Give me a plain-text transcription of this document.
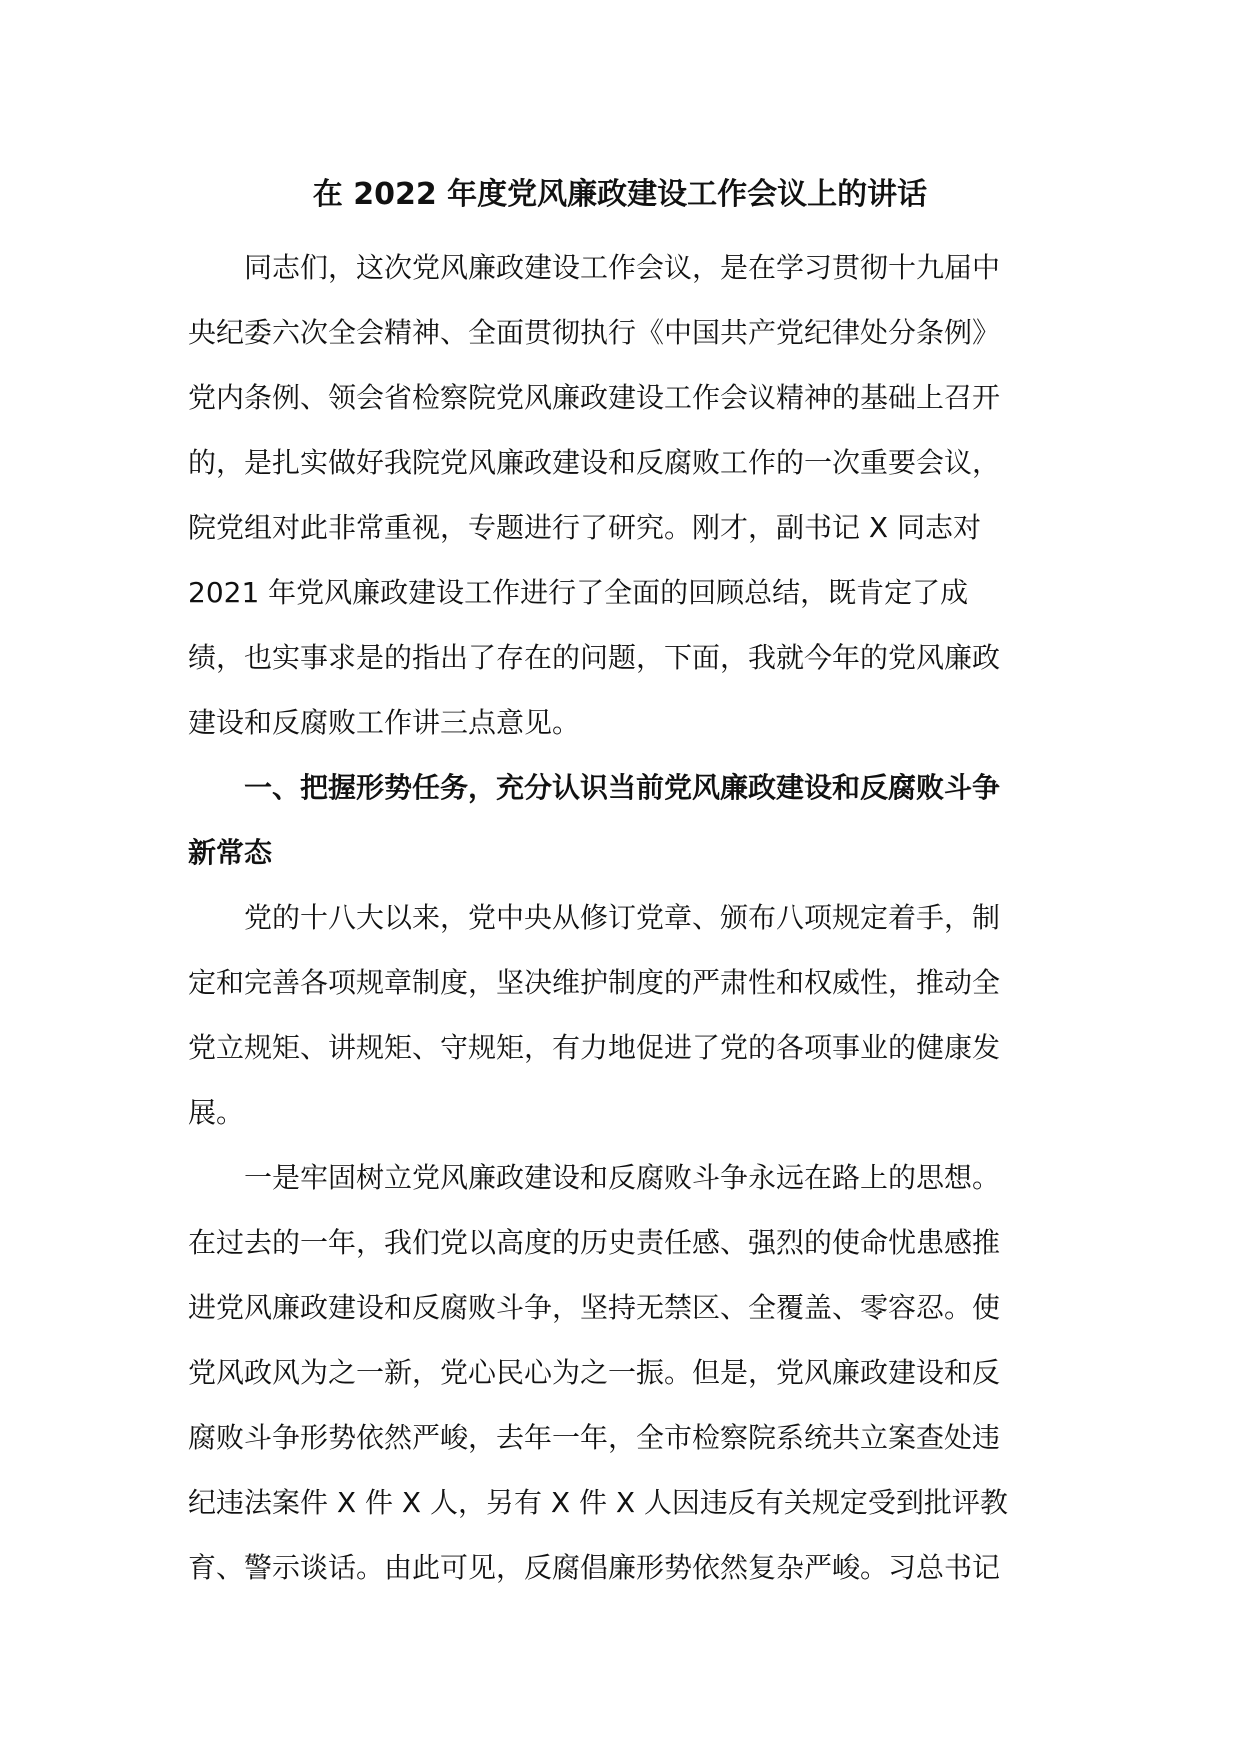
在 2022 年度党风廉政建设工作会议上的讲话
　　同志们，这次党风廉政建设工作会议，是在学习贯彻十九届中
央纪委六次全会精神、全面贯彻执行《中国共产党纪律处分条例》
党内条例、领会省检察院党风廉政建设工作会议精神的基础上召开
的，是扎实做好我院党风廉政建设和反腐败工作的一次重要会议，
院党组对此非常重视，专题进行了研究。刚才，副书记 X 同志对
2021 年党风廉政建设工作进行了全面的回顾总结，既肯定了成
绩，也实事求是的指出了存在的问题，下面，我就今年的党风廉政
建设和反腐败工作讲三点意见。
　　一、把握形势任务，充分认识当前党风廉政建设和反腐败斗争
新常态
　　党的十八大以来，党中央从修订党章、颁布八项规定着手，制
定和完善各项规章制度，坚决维护制度的严肃性和权威性，推动全
党立规矩、讲规矩、守规矩，有力地促进了党的各项事业的健康发
展。
　　一是牢固树立党风廉政建设和反腐败斗争永远在路上的思想。
在过去的一年，我们党以高度的历史责任感、强烈的使命忧患感推
进党风廉政建设和反腐败斗争，坚持无禁区、全覆盖、零容忍。使
党风政风为之一新，党心民心为之一振。但是，党风廉政建设和反
腐败斗争形势依然严峻，去年一年，全市检察院系统共立案查处违
纪违法案件 X 件 X 人，另有 X 件 X 人因违反有关规定受到批评教
育、警示谈话。由此可见，反腐倡廉形势依然复杂严峻。习总书记
